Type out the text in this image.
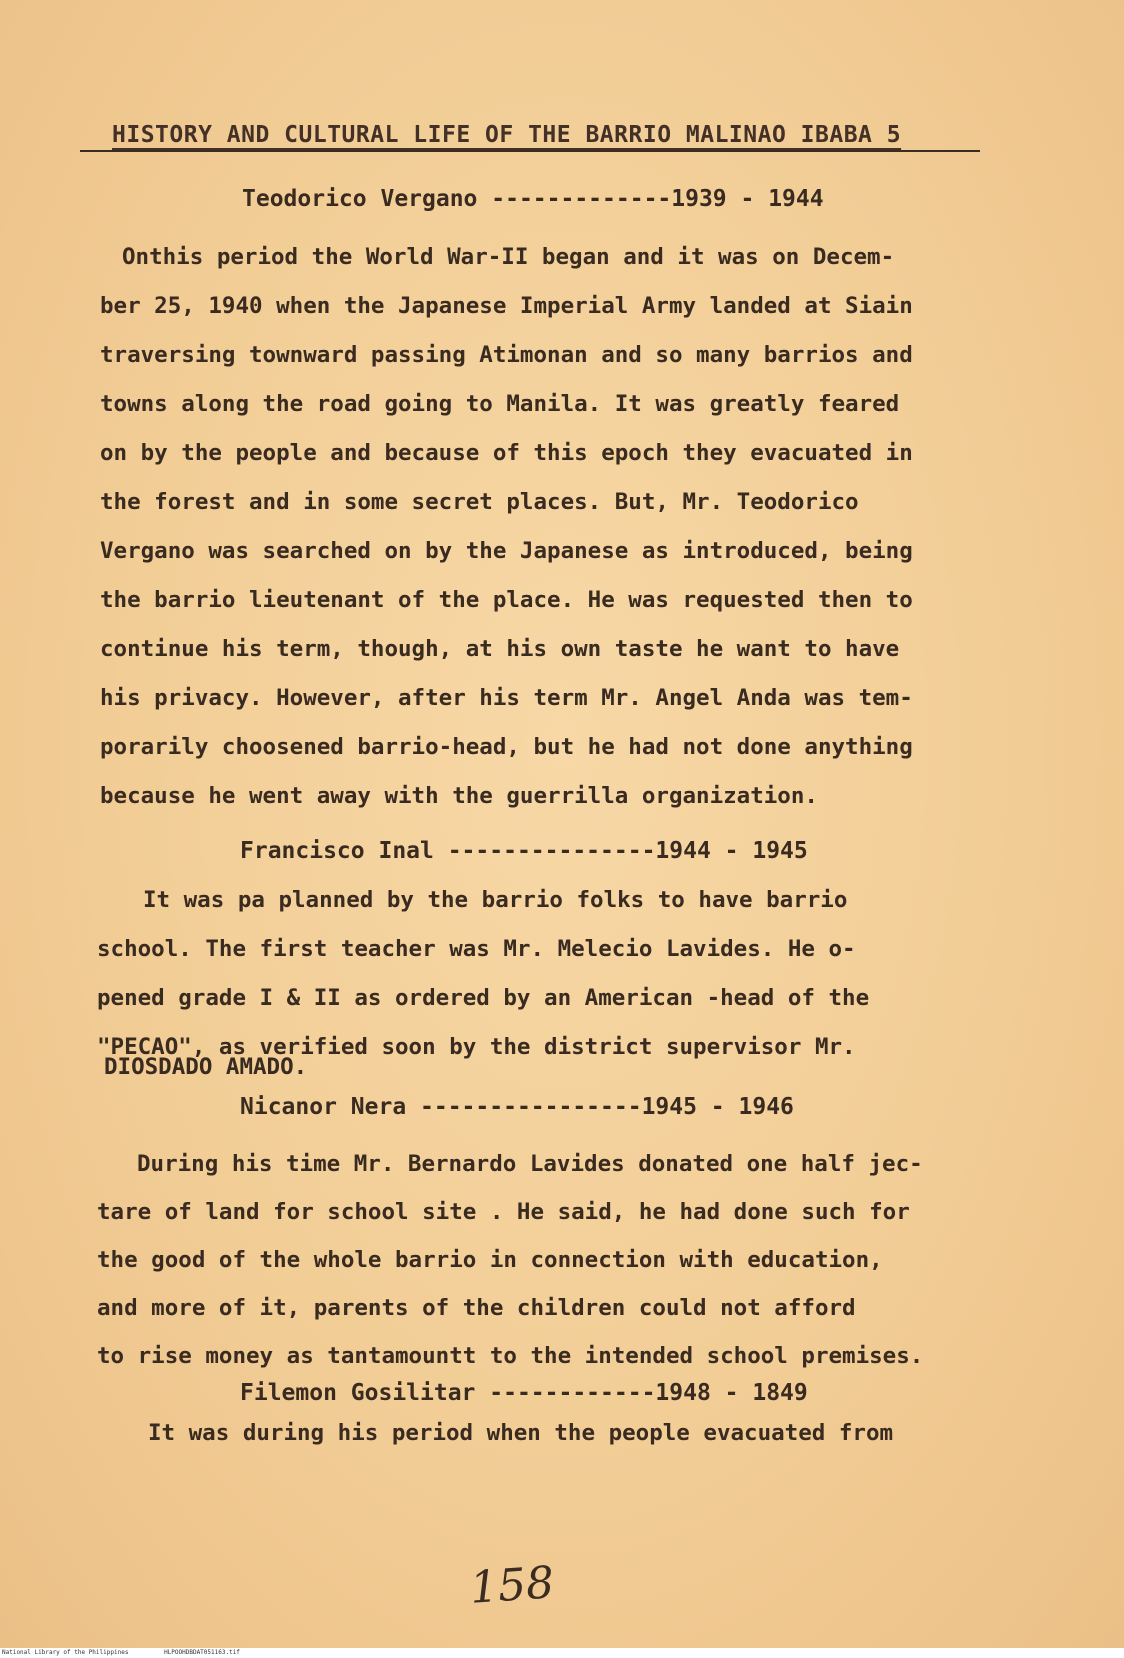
HISTORY AND CULTURAL LIFE OF THE BARRIO MALINAO IBABA 5
Teodorico Vergano -------------1939 - 1944
Onthis period the World War-II began and it was on Decem-
ber 25, 1940 when the Japanese Imperial Army landed at Siain
traversing townward passing Atimonan and so many barrios and
towns along the road going to Manila. It was greatly feared
on by the people and because of this epoch they evacuated in
the forest and in some secret places. But, Mr. Teodorico
Vergano was searched on by the Japanese as introduced, being
the barrio lieutenant of the place. He was requested then to
continue his term, though, at his own taste he want to have
his privacy. However, after his term Mr. Angel Anda was tem-
porarily choosened barrio-head, but he had not done anything
because he went away with the guerrilla organization.
Francisco Inal ---------------1944 - 1945
It was pa planned by the barrio folks to have barrio
school. The first teacher was Mr. Melecio Lavides. He o-
pened grade I & II as ordered by an American -head of the
"PECAO", as verified soon by the district supervisor Mr.
DIOSDADO AMADO.
Nicanor Nera ----------------1945 - 1946
During his time Mr. Bernardo Lavides donated one half jec-
tare of land for school site . He said, he had done such for
the good of the whole barrio in connection with education,
and more of it, parents of the children could not afford
to rise money as tantamountt to the intended school premises.
Filemon Gosilitar ------------1948 - 1849
It was during his period when the people evacuated from
158
National Library of the Philippines	HLPOOHDBDAT051163.tif
